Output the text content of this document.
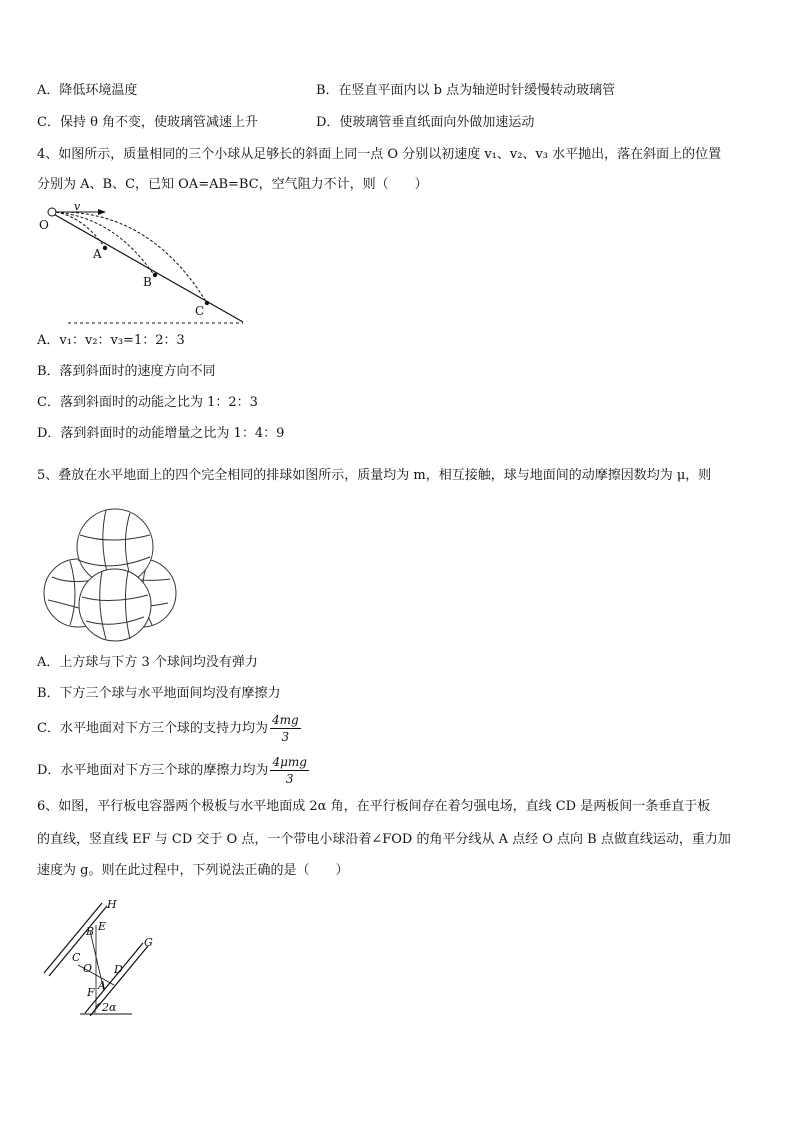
A．降低环境温度	B．在竖直平面内以 b 点为轴逆时针缓慢转动玻璃管
C．保持 θ 角不变，使玻璃管减速上升	D．使玻璃管垂直纸面向外做加速运动
4、如图所示，质量相同的三个小球从足够长的斜面上同一点 O 分别以初速度 v₁、v₂、v₃ 水平抛出，落在斜面上的位置
分别为 A、B、C，已知 OA=AB=BC，空气阻力不计，则（　　）
O
v
A
B
C
A．v₁：v₂：v₃=1：2：3
B．落到斜面时的速度方向不同
C．落到斜面时的动能之比为 1：2：3
D．落到斜面时的动能增量之比为 1：4：9
5、叠放在水平地面上的四个完全相同的排球如图所示，质量均为 m，相互接触，球与地面间的动摩擦因数均为 μ，则
A．上方球与下方 3 个球间均没有弹力
B．下方三个球与水平地面间均没有摩擦力
C．水平地面对下方三个球的支持力均为 $\frac{4mg}{3}$
D．水平地面对下方三个球的摩擦力均为 $\frac{\text{4μmg}}{3}$
6、如图，平行板电容器两个极板与水平地面成 2α 角，在平行板间存在着匀强电场，直线 CD 是两板间一条垂直于板
的直线，竖直线 EF 与 CD 交于 O 点，一个带电小球沿着∠FOD 的角平分线从 A 点经 O 点向 B 点做直线运动，重力加
速度为 g。则在此过程中，下列说法正确的是（　　）
H
G
B E
C
O D
A
F
2α
